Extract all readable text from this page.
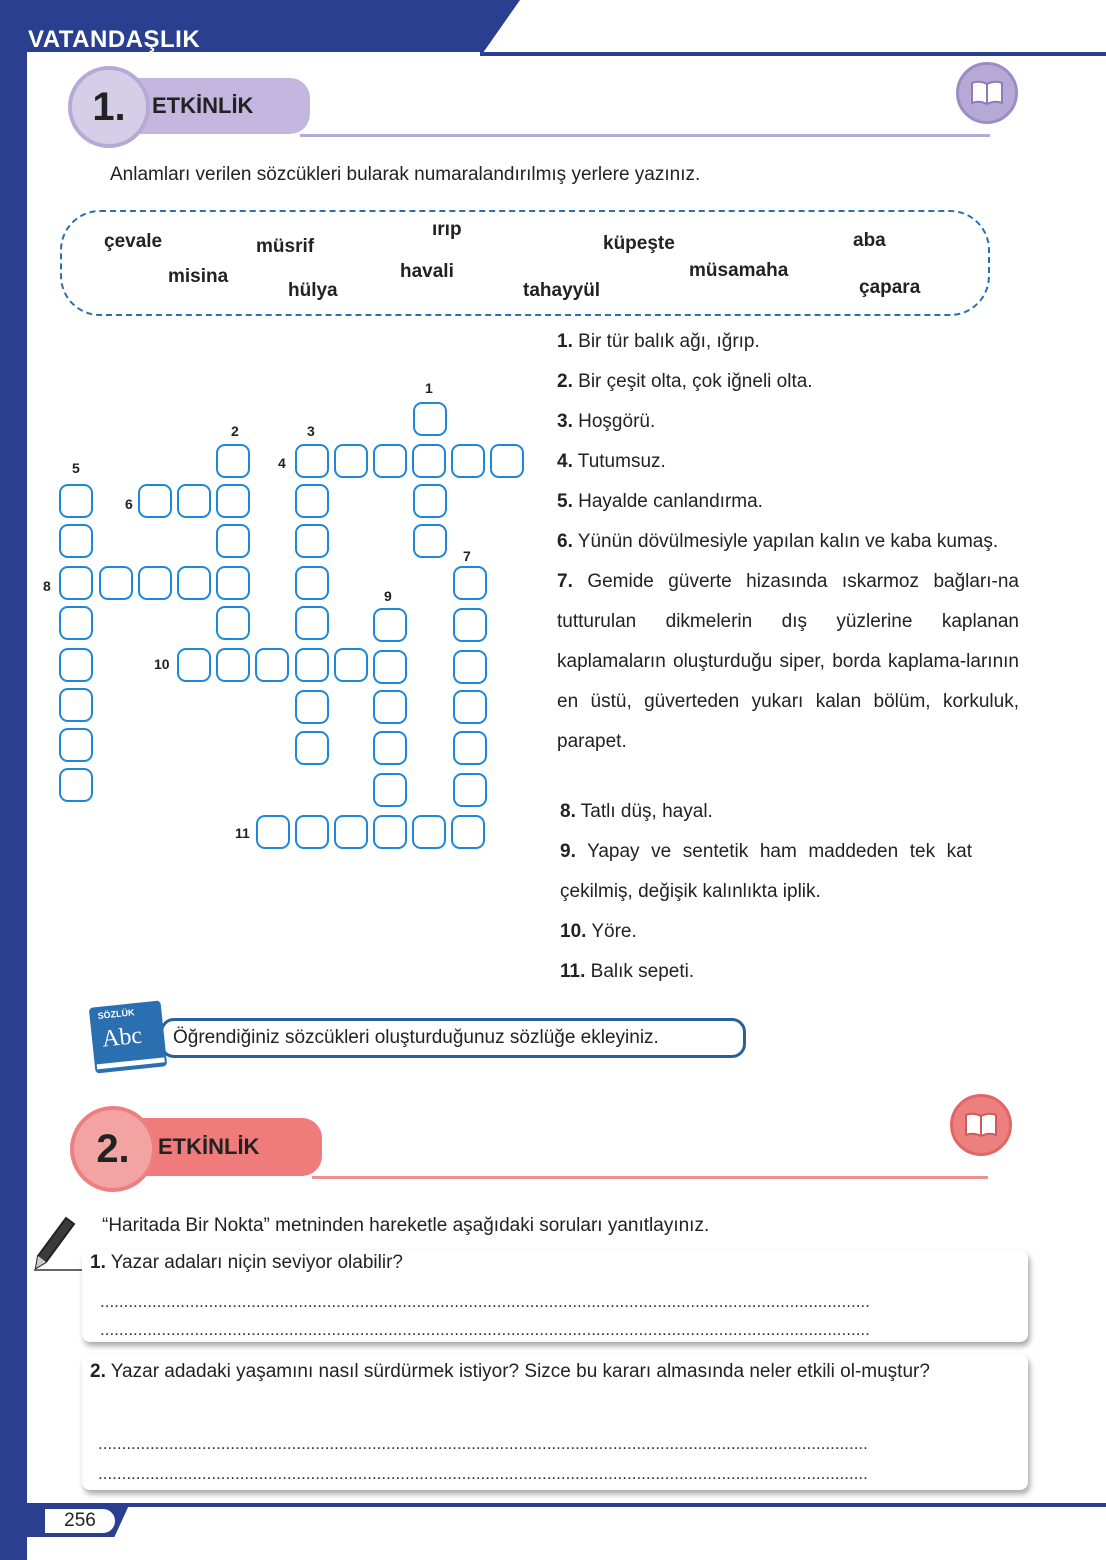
VATANDAŞLIK
ETKİNLİK
1.
Anlamları verilen sözcükleri bularak numaralandırılmış yerlere yazınız.
ırıp
çevale	müsrif	küpeşte	aba
havali	müsamaha
misina
hülya	tahayyül	çapara
1
2	3
4
5
6
7
8
9
10
11
1. Bir tür balık ağı, ığrıp.
2. Bir çeşit olta, çok iğneli olta.
3. Hoşgörü.
4. Tutumsuz.
5. Hayalde canlandırma.
6. Yünün dövülmesiyle yapılan kalın ve kaba kumaş.
7. Gemide güverte hizasında ıskarmoz bağları-na tutturulan dikmelerin dış yüzlerine kaplanan kaplamaların oluşturduğu siper, borda kaplama-larının en üstü, güverteden yukarı kalan bölüm, korkuluk, parapet.
8. Tatlı düş, hayal.
9. Yapay ve sentetik ham maddeden tek kat çekilmiş, değişik kalınlıkta iplik.
10. Yöre.
11. Balık sepeti.
Öğrendiğiniz sözcükleri oluşturduğunuz sözlüğe ekleyiniz.
SÖZLÜK
Abc
ETKİNLİK
2.
“Haritada Bir Nokta” metninden hareketle aşağıdaki soruları yanıtlayınız.
1. Yazar adaları niçin seviyor olabilir?
...................................................................................................................................................................
...................................................................................................................................................................
2. Yazar adadaki yaşamını nasıl sürdürmek istiyor? Sizce bu kararı almasında neler etkili ol-muştur?
...................................................................................................................................................................
...................................................................................................................................................................
256
